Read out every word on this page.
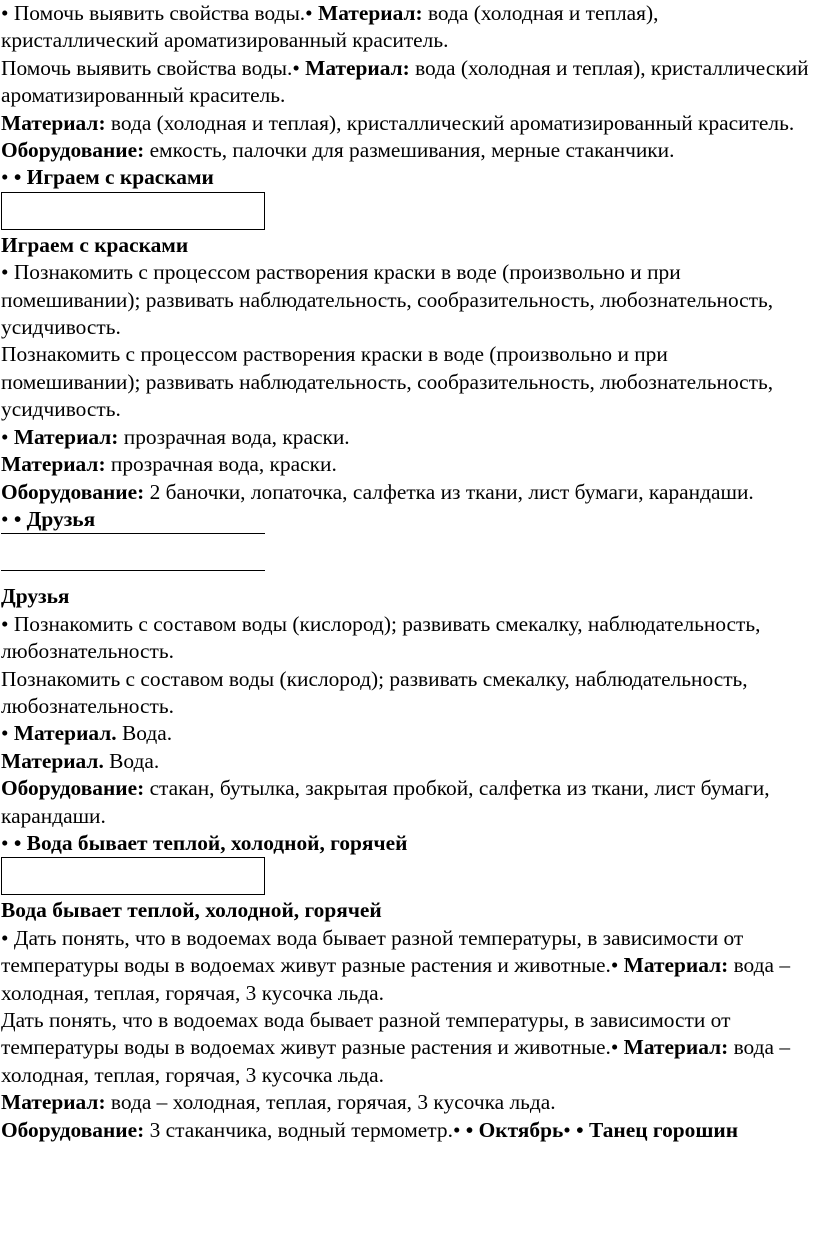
• Помочь выявить свойства воды.• Материал: вода (холодная и теплая), кристаллический ароматизированный краситель.

Помочь выявить свойства воды.• Материал: вода (холодная и теплая), кристаллический ароматизированный краситель.

Материал: вода (холодная и теплая), кристаллический ароматизированный краситель.

Оборудование: емкость, палочки для размешивания, мерные стаканчики.

• • Играем с красками

Играем с красками

• Познакомить с процессом растворения краски в воде (произвольно и при помешивании); развивать наблюдательность, сообразительность, любознательность, усидчивость.

Познакомить с процессом растворения краски в воде (произвольно и при помешивании); развивать наблюдательность, сообразительность, любознательность, усидчивость.

• Материал: прозрачная вода, краски.

Материал: прозрачная вода, краски.

Оборудование: 2 баночки, лопаточка, салфетка из ткани, лист бумаги, карандаши.

• • Друзья

Друзья

• Познакомить с составом воды (кислород); развивать смекалку, наблюдательность, любознательность.

Познакомить с составом воды (кислород); развивать смекалку, наблюдательность, любознательность.

• Материал. Вода.

Материал. Вода.

Оборудование: стакан, бутылка, закрытая пробкой, салфетка из ткани, лист бумаги, карандаши.

• • Вода бывает теплой, холодной, горячей

Вода бывает теплой, холодной, горячей

• Дать понять, что в водоемах вода бывает разной температуры, в зависимости от температуры воды в водоемах живут разные растения и животные.• Материал: вода – холодная, теплая, горячая, 3 кусочка льда.

Дать понять, что в водоемах вода бывает разной температуры, в зависимости от температуры воды в водоемах живут разные растения и животные.• Материал: вода – холодная, теплая, горячая, 3 кусочка льда.

Материал: вода – холодная, теплая, горячая, 3 кусочка льда.

Оборудование: 3 стаканчика, водный термометр.• • Октябрь• • Танец горошин
